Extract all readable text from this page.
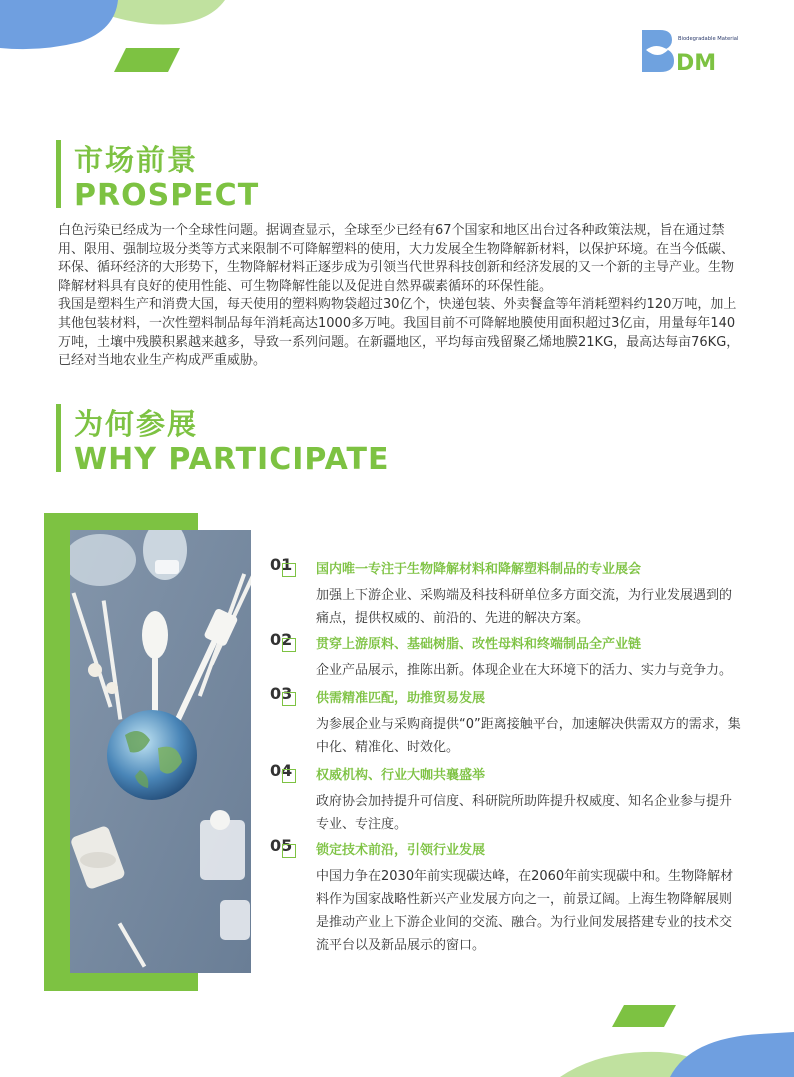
DM
Biodegradable Material
市场前景
PROSPECT

白色污染已经成为一个全球性问题。据调查显示，全球至少已经有67个国家和地区出台过各种政策法规，旨在通过禁用、限用、强制垃圾分类等方式来限制不可降解塑料的使用，大力发展全生物降解新材料，以保护环境。在当今低碳、环保、循环经济的大形势下，生物降解材料正逐步成为引领当代世界科技创新和经济发展的又一个新的主导产业。生物降解材料具有良好的使用性能、可生物降解性能以及促进自然界碳素循环的环保性能。

我国是塑料生产和消费大国，每天使用的塑料购物袋超过30亿个，快递包装、外卖餐盒等年消耗塑料约120万吨，加上其他包装材料，一次性塑料制品每年消耗高达1000多万吨。我国目前不可降解地膜使用面积超过3亿亩，用量每年140万吨，土壤中残膜积累越来越多，导致一系列问题。在新疆地区，平均每亩残留聚乙烯地膜21KG，最高达每亩76KG，已经对当地农业生产构成严重威胁。

为何参展
WHY PARTICIPATE
01 国内唯一专注于生物降解材料和降解塑料制品的专业展会
加强上下游企业、采购端及科技科研单位多方面交流，为行业发展遇到的痛点，提供权威的、前沿的、先进的解决方案。
02 贯穿上游原料、基础树脂、改性母料和终端制品全产业链
企业产品展示，推陈出新。体现企业在大环境下的活力、实力与竞争力。
03 供需精准匹配，助推贸易发展
为参展企业与采购商提供“0”距离接触平台，加速解决供需双方的需求，集中化、精准化、时效化。
04 权威机构、行业大咖共襄盛举
政府协会加持提升可信度、科研院所助阵提升权威度、知名企业参与提升专业、专注度。
05 锁定技术前沿，引领行业发展
中国力争在2030年前实现碳达峰，在2060年前实现碳中和。生物降解材料作为国家战略性新兴产业发展方向之一，前景辽阔。上海生物降解展则是推动产业上下游企业间的交流、融合。为行业间发展搭建专业的技术交流平台以及新品展示的窗口。
